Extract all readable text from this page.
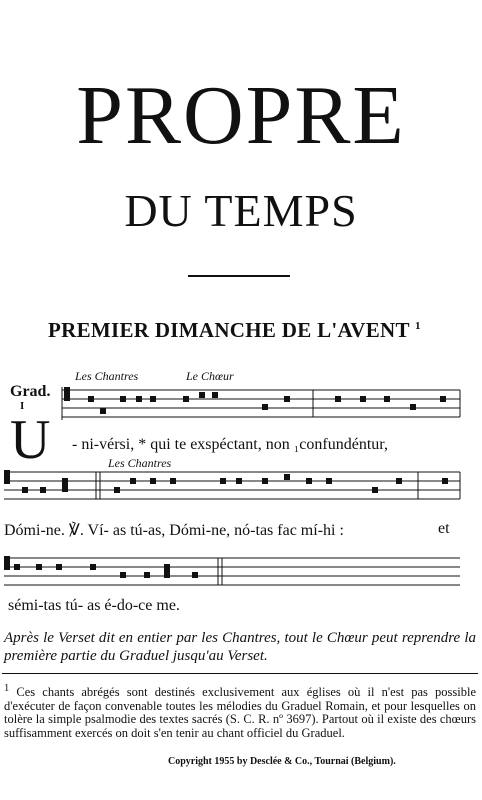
PROPRE
DU TEMPS
PREMIER DIMANCHE DE L'AVENT $^1$
Les Chantres	Le Chœur
Grad.
I
U - ni-vérsi, * qui te exspéctant, non ₁confundéntur,
Les Chantres
Dómi-ne. ℣. Ví- as tú-as, Dómi-ne, nó-tas fac mí-hi :	et
sémi-tas tú- as é-do-ce me.
Après le Verset dit en entier par les Chantres, tout le Chœur peut reprendre la première partie du Graduel jusqu'au Verset.
$^1$ Ces chants abrégés sont destinés exclusivement aux églises où il n'est pas possible d'exécuter de façon convenable toutes les mélodies du Graduel Romain, et pour lesquelles on tolère la simple psalmodie des textes sacrés (S. C. R. nº 3697). Partout où il existe des chœurs suffisamment exercés on doit s'en tenir au chant officiel du Graduel.
Copyright 1955 by Desclée & Co., Tournai (Belgium).
